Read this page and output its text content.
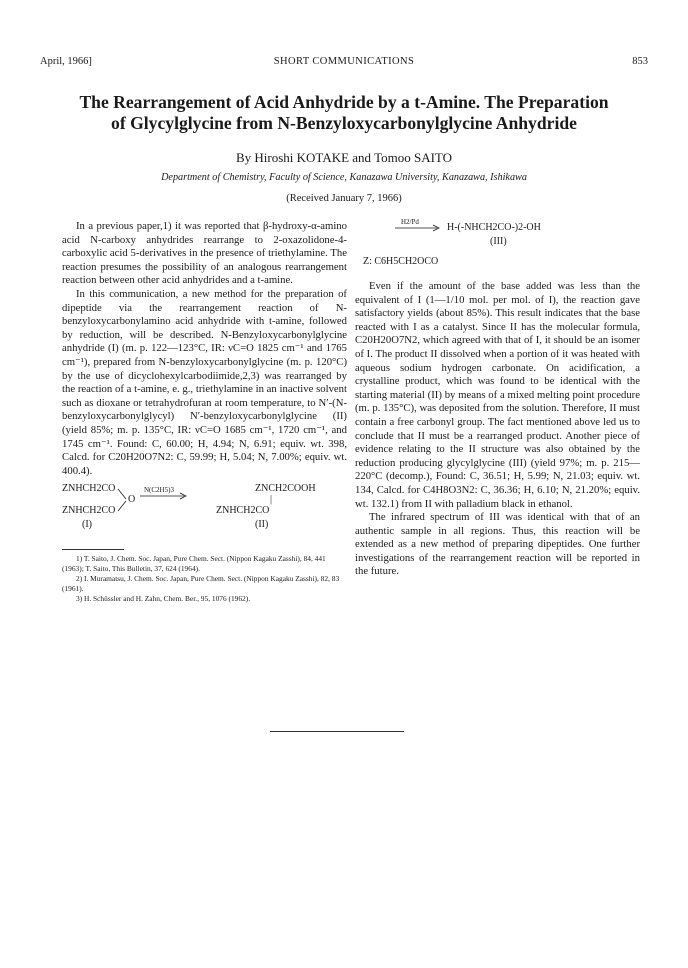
April, 1966]	SHORT COMMUNICATIONS	853
The Rearrangement of Acid Anhydride by a t-Amine. The Preparation
of Glycylglycine from N-Benzyloxycarbonylglycine Anhydride
By Hiroshi KOTAKE and Tomoo SAITO
Department of Chemistry, Faculty of Science, Kanazawa University, Kanazawa, Ishikawa
(Received January 7, 1966)

In a previous paper,1) it was reported that β-hydroxy-α-amino acid N-carboxy anhydrides rearrange to 2-oxazolidone-4-carboxylic acid 5-derivatives in the presence of triethylamine. The reaction presumes the possibility of an analogous rearrangement reaction between other acid anhydrides and a t-amine.

In this communication, a new method for the preparation of dipeptide via the rearrangement reaction of N-benzyloxycarbonylamino acid anhydride with t-amine, followed by reduction, will be described. N-Benzyloxycarbonylglycine anhydride (I) (m. p. 122—123°C, IR: νC=O 1825 cm⁻¹ and 1765 cm⁻¹), prepared from N-benzyloxycarbonylglycine (m. p. 120°C) by the use of dicyclohexylcarbodiimide,2,3) was rearranged by the reaction of a t-amine, e. g., triethylamine in an inactive solvent such as dioxane or tetrahydrofuran at room temperature, to N′-(N-benzyloxycarbonylglycyl) N′-benzyloxycarbonylglycine (II) (yield 85%; m. p. 135°C, IR: νC=O 1685 cm⁻¹, 1720 cm⁻¹, and 1745 cm⁻¹. Found: C, 60.00; H, 4.94; N, 6.91; equiv. wt. 398, Calcd. for C20H20O7N2: C, 59.99; H, 5.04; N, 7.00%; equiv. wt. 400.4).

ZNHCH2CO
ZNHCH2CO
O
N(C2H5)3	ZNCH2COOH
|
ZNHCH2CO
(I)	(II)

1) T. Saito, J. Chem. Soc. Japan, Pure Chem. Sect. (Nippon Kagaku Zasshi), 84, 441 (1963); T. Saito, This Bulletin, 37, 624 (1964).

2) I. Muramatsu, J. Chem. Soc. Japan, Pure Chem. Sect. (Nippon Kagaku Zasshi), 82, 83 (1961).

3) H. Schüssler and H. Zahn, Chem. Ber., 95, 1076 (1962).

H2/Pd	H-(-NHCH2CO-)2-OH
(III)
Z: C6H5CH2OCO

Even if the amount of the base added was less than the equivalent of I (1—1/10 mol. per mol. of I), the reaction gave satisfactory yields (about 85%). This result indicates that the base reacted with I as a catalyst. Since II has the molecular formula, C20H20O7N2, which agreed with that of I, it should be an isomer of I. The product II dissolved when a portion of it was heated with aqueous sodium hydrogen carbonate. On acidification, a crystalline product, which was found to be identical with the starting material (II) by means of a mixed melting point procedure (m. p. 135°C), was deposited from the solution. Therefore, II must contain a free carbonyl group. The fact mentioned above led us to conclude that II must be a rearranged product. Another piece of evidence relating to the II structure was also obtained by the reduction producing glycylglycine (III) (yield 97%; m. p. 215—220°C (decomp.), Found: C, 36.51; H, 5.99; N, 21.03; equiv. wt. 134, Calcd. for C4H8O3N2: C, 36.36; H, 6.10; N, 21.20%; equiv. wt. 132.1) from II with palladium black in ethanol.

The infrared spectrum of III was identical with that of an authentic sample in all regions. Thus, this reaction will be extended as a new method of preparing dipeptides. One further investigations of the rearrangement reaction will be reported in the future.
